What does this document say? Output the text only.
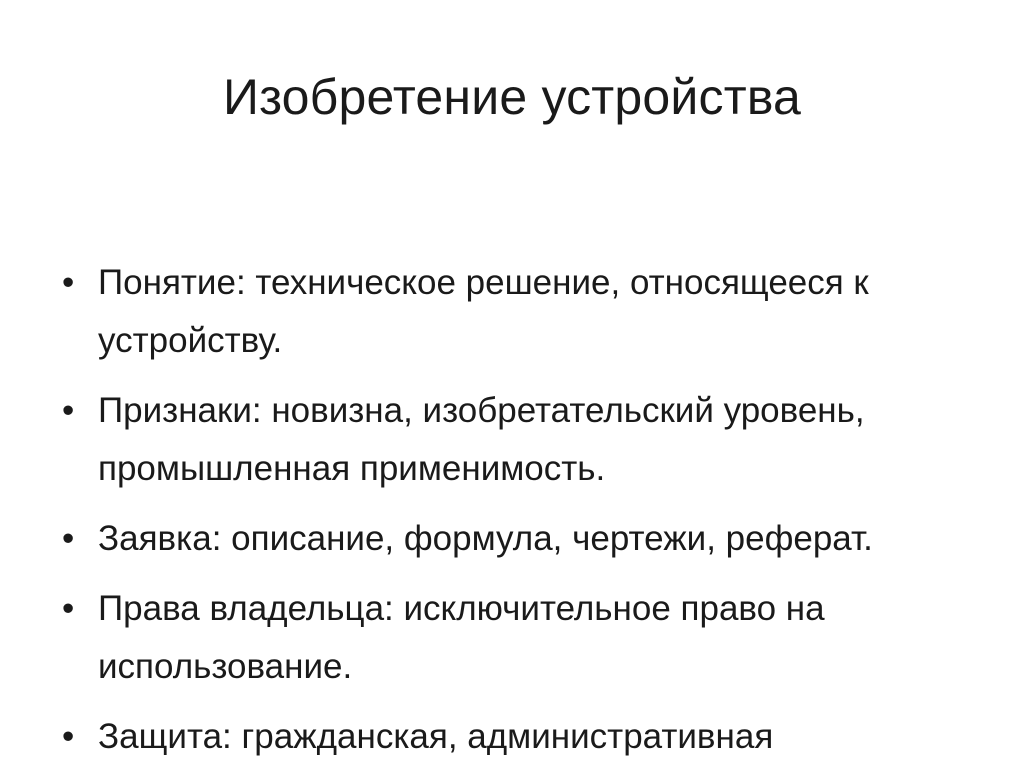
Изобретение устройства
• Понятие: техническое решение, относящееся к устройству.
• Признаки: новизна, изобретательский уровень, промышленная применимость.
• Заявка: описание, формула, чертежи, реферат.
• Права владельца: исключительное право на использование.
• Защита: гражданская, административная
